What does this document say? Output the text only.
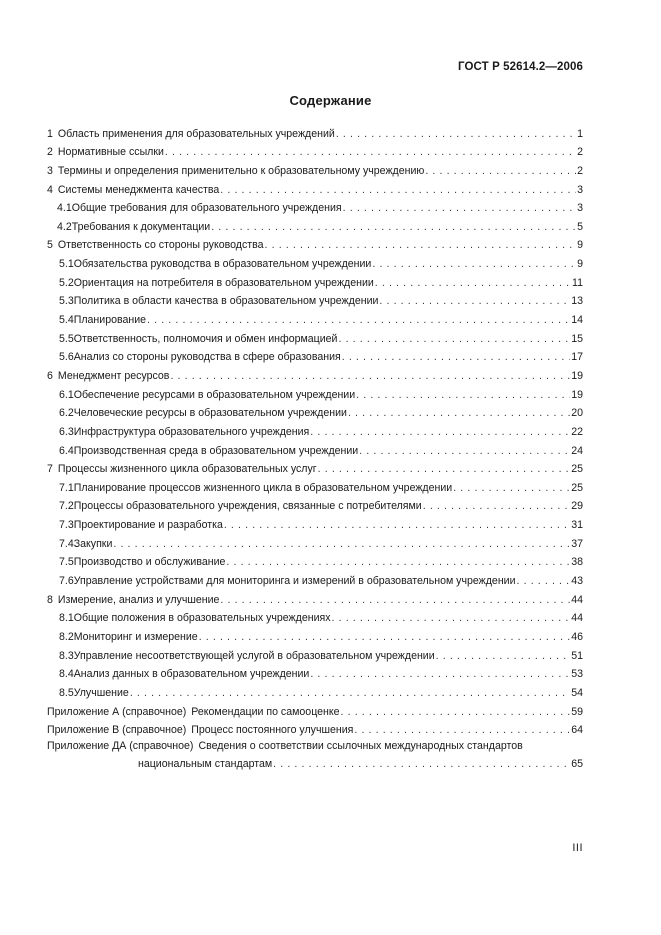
ГОСТ Р 52614.2—2006
Содержание
1 Область применения для образовательных учреждений . . .	1
2 Нормативные ссылки . . .	2
3 Термины и определения применительно к образовательному учреждению . . .	2
4 Системы менеджмента качества . . .	3
4.1 Общие требования для образовательного учреждения . . .	3
4.2 Требования к документации . . .	5
5 Ответственность со стороны руководства . . .	9
5.1 Обязательства руководства в образовательном учреждении . . .	9
5.2 Ориентация на потребителя в образовательном учреждении . . .	11
5.3 Политика в области качества в образовательном учреждении . . .	13
5.4 Планирование . . .	14
5.5 Ответственность, полномочия и обмен информацией . . .	15
5.6 Анализ со стороны руководства в сфере образования . . .	17
6 Менеджмент ресурсов . . .	19
6.1 Обеспечение ресурсами в образовательном учреждении . . .	19
6.2 Человеческие ресурсы в образовательном учреждении . . .	20
6.3 Инфраструктура образовательного учреждения . . .	22
6.4 Производственная среда в образовательном учреждении . . .	24
7 Процессы жизненного цикла образовательных услуг . . .	25
7.1 Планирование процессов жизненного цикла в образовательном учреждении . . .	25
7.2 Процессы образовательного учреждения, связанные с потребителями . . .	29
7.3 Проектирование и разработка . . .	31
7.4 Закупки . . .	37
7.5 Производство и обслуживание . . .	38
7.6 Управление устройствами для мониторинга и измерений в образовательном учреждении . . .	43
8 Измерение, анализ и улучшение . . .	44
8.1 Общие положения в образовательных учреждениях . . .	44
8.2 Мониторинг и измерение . . .	46
8.3 Управление несоответствующей услугой в образовательном учреждении . . .	51
8.4 Анализ данных в образовательном учреждении . . .	53
8.5 Улучшение . . .	54
Приложение А (справочное) Рекомендации по самооценке . . .	59
Приложение В (справочное) Процесс постоянного улучшения . . .	64
Приложение ДА (справочное) Сведения о соответствии ссылочных международных стандартов
национальным стандартам . . .	65
III
